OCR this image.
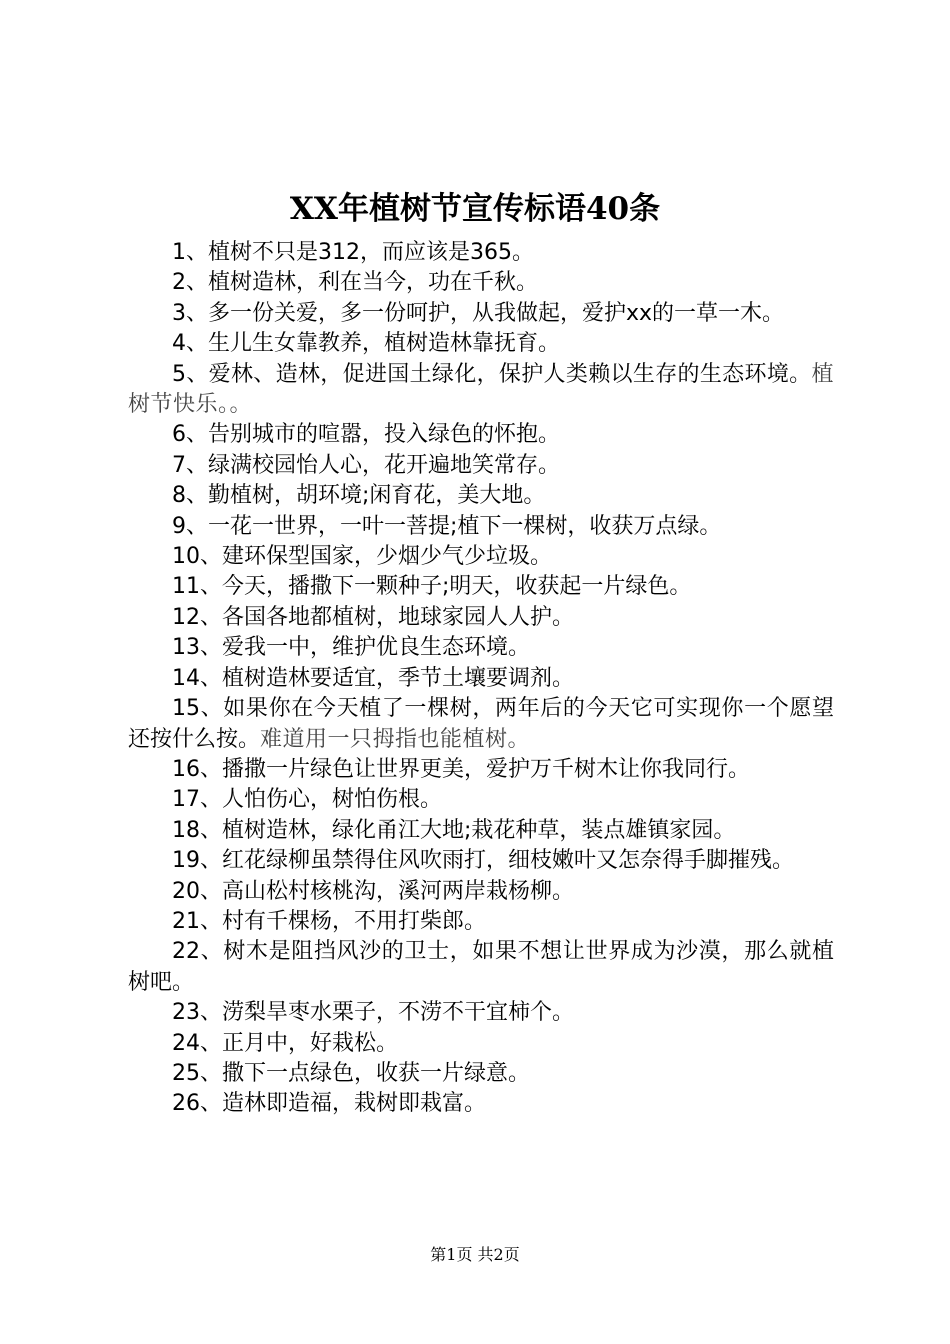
XX年植树节宣传标语40条

1、植树不只是312，而应该是365。

2、植树造林，利在当今，功在千秋。

3、多一份关爱，多一份呵护，从我做起，爱护xx的一草一木。

4、生儿生女靠教养，植树造林靠抚育。

5、爱林、造林，促进国土绿化，保护人类赖以生存的生态环境。植树节快乐。。

6、告别城市的喧嚣，投入绿色的怀抱。

7、绿满校园怡人心，花开遍地笑常存。

8、勤植树，胡环境;闲育花，美大地。

9、一花一世界，一叶一菩提;植下一棵树，收获万点绿。

10、建环保型国家，少烟少气少垃圾。

11、今天，播撒下一颗种子;明天，收获起一片绿色。

12、各国各地都植树，地球家园人人护。

13、爱我一中，维护优良生态环境。

14、植树造林要适宜，季节土壤要调剂。

15、如果你在今天植了一棵树，两年后的今天它可实现你一个愿望还按什么按。难道用一只拇指也能植树。

16、播撒一片绿色让世界更美，爱护万千树木让你我同行。

17、人怕伤心，树怕伤根。

18、植树造林，绿化甬江大地;栽花种草，装点雄镇家园。

19、红花绿柳虽禁得住风吹雨打，细枝嫩叶又怎奈得手脚摧残。

20、高山松村核桃沟，溪河两岸栽杨柳。

21、村有千棵杨，不用打柴郎。

22、树木是阻挡风沙的卫士，如果不想让世界成为沙漠，那么就植树吧。

23、涝梨旱枣水栗子，不涝不干宜柿个。

24、正月中，好栽松。

25、撒下一点绿色，收获一片绿意。

26、造林即造福，栽树即栽富。

第1页 共2页
